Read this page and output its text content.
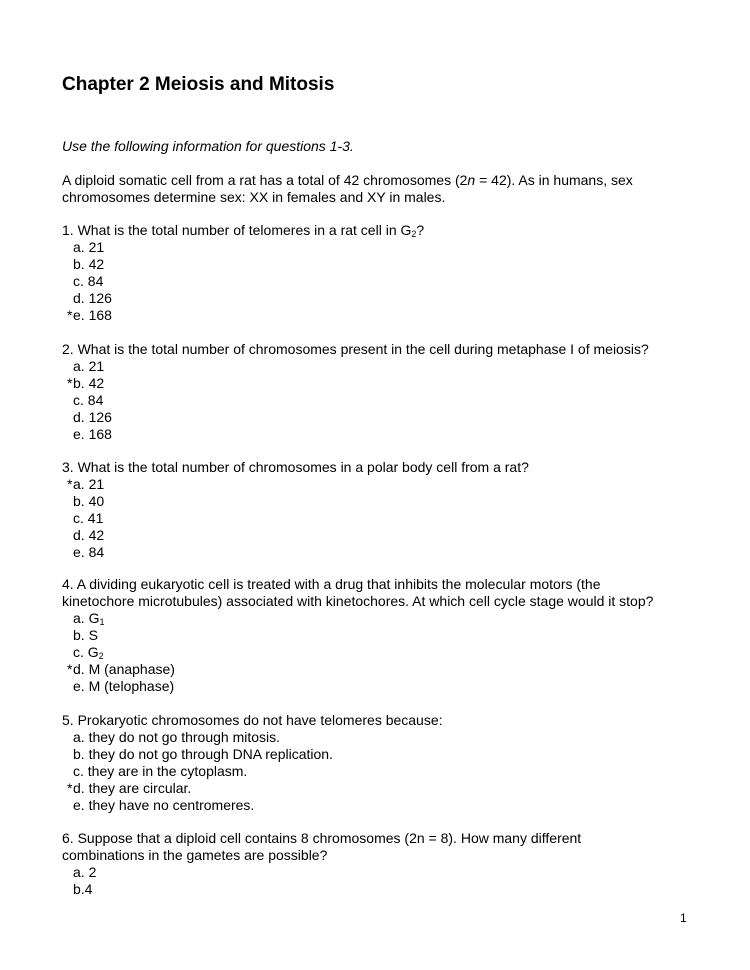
Chapter 2 Meiosis and Mitosis
Use the following information for questions 1-3.
A diploid somatic cell from a rat has a total of 42 chromosomes (2n = 42). As in humans, sex
chromosomes determine sex: XX in females and XY in males.
1. What is the total number of telomeres in a rat cell in $G_2$?
a. 21
b. 42
c. 84
d. 126
* e. 168
2. What is the total number of chromosomes present in the cell during metaphase I of meiosis?
a. 21
* b. 42
c. 84
d. 126
e. 168
3. What is the total number of chromosomes in a polar body cell from a rat?
* a. 21
b. 40
c. 41
d. 42
e. 84
4. A dividing eukaryotic cell is treated with a drug that inhibits the molecular motors (the
kinetochore microtubules) associated with kinetochores. At which cell cycle stage would it stop?
a. $G_1$
b. S
c. $G_2$
* d. M (anaphase)
e. M (telophase)
5. Prokaryotic chromosomes do not have telomeres because:
a. they do not go through mitosis.
b. they do not go through DNA replication.
c. they are in the cytoplasm.
* d. they are circular.
e. they have no centromeres.
6. Suppose that a diploid cell contains 8 chromosomes (2n = 8). How many different
combinations in the gametes are possible?
a. 2
b.4
1
